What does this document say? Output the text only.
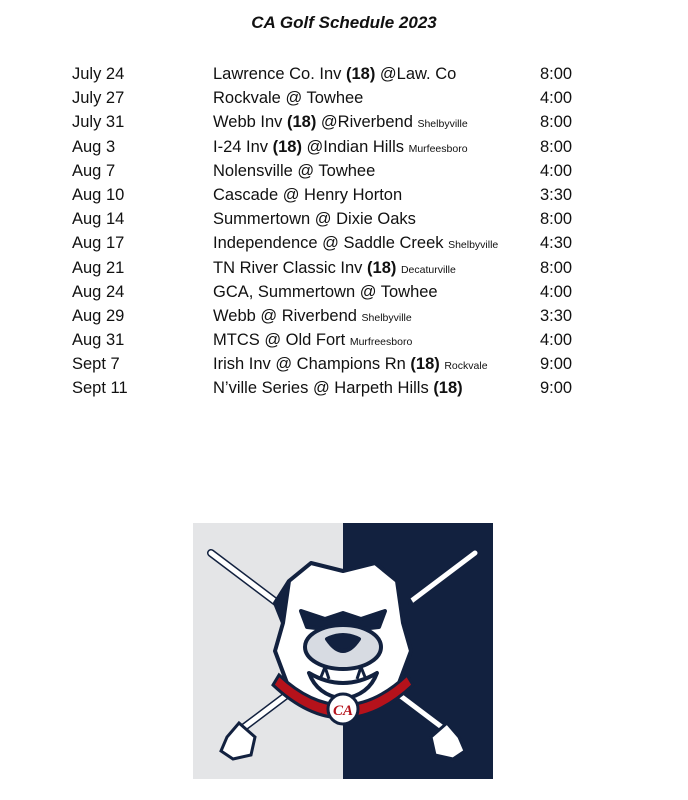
CA Golf Schedule 2023
July 24	Lawrence Co. Inv (18) @Law. Co	8:00
July 27	Rockvale @ Towhee	4:00
July 31	Webb Inv (18) @Riverbend Shelbyville	8:00
Aug 3	I-24 Inv (18) @Indian Hills Murfeesboro	8:00
Aug 7	Nolensville @ Towhee	4:00
Aug 10	Cascade @ Henry Horton	3:30
Aug 14	Summertown @ Dixie Oaks	8:00
Aug 17	Independence @ Saddle Creek Shelbyville	4:30
Aug 21	TN River Classic Inv (18) Decaturville	8:00
Aug 24	GCA, Summertown @ Towhee	4:00
Aug 29	Webb @ Riverbend Shelbyville	3:30
Aug 31	MTCS @ Old Fort Murfreesboro	4:00
Sept 7	Irish Inv @ Champions Rn (18) Rockvale	9:00
Sept 11	N’ville Series @ Harpeth Hills (18)	9:00
CA
